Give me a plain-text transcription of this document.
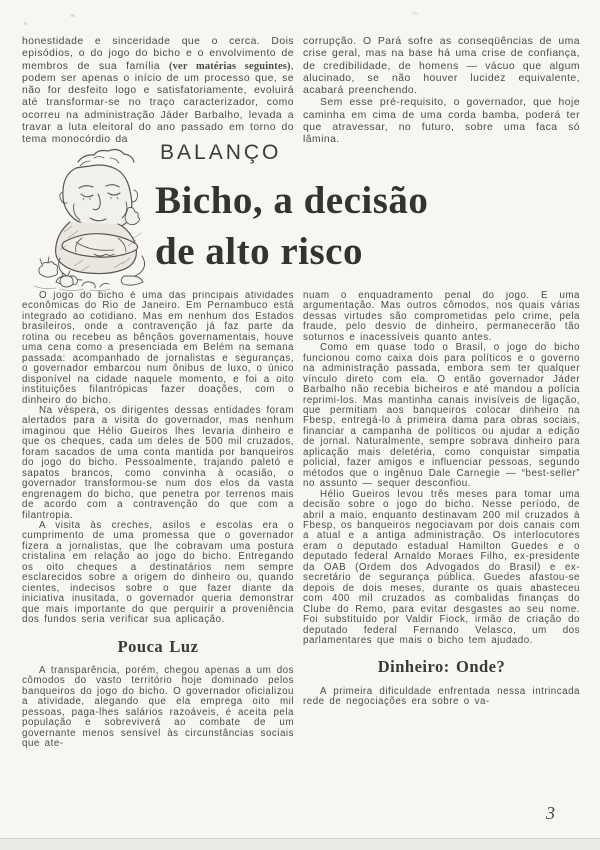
honestidade e sinceridade que o cerca. Dois episódios, o do jogo do bicho e o envolvimento de membros de sua família (ver matérias seguintes), podem ser apenas o início de um processo que, se não for desfeito logo e satisfatoriamente, evoluirá até transformar-se no traço caracterizador, como ocorreu na administração Jáder Barbalho, levada a travar a luta eleitoral do ano passado em torno do tema monocórdio da

corrupção. O Pará sofre as conseqüências de uma crise geral, mas na base há uma crise de confiança, de credibilidade, de homens — vácuo que algum alucinado, se não houver lucidez equivalente, acabará preenchendo.

Sem esse pré-requisito, o governador, que hoje caminha em cima de uma corda bamba, poderá ter que atravessar, no futuro, sobre uma faca só lâmina.

BALANÇO
Bicho, a decisão
de alto risco

O jogo do bicho é uma das principais atividades econômicas do Rio de Janeiro. Em Pernambuco está integrado ao cotidiano. Mas em nenhum dos Estados brasileiros, onde a contravenção já faz parte da rotina ou recebeu as bênçãos governamentais, houve uma cena como a presenciada em Belém na semana passada: acompanhado de jornalistas e seguranças, o governador embarcou num ônibus de luxo, o único disponível na cidade naquele momento, e foi a oito instituições filantrópicas fazer doações, com o dinheiro do bicho.

Na véspera, os dirigentes dessas entidades foram alertados para a visita do governador, mas nenhum imaginou que Hélio Gueiros lhes levaria dinheiro e que os cheques, cada um deles de 500 mil cruzados, foram sacados de uma conta mantida por banqueiros do jogo do bicho. Pessoalmente, trajando paletó e sapatos brancos, como convinha à ocasião, o governador transformou-se num dos elos da vasta engrenagem do bicho, que penetra por terrenos mais de acordo com a contravenção do que com a filantropia.

A visita às creches, asilos e escolas era o cumprimento de uma promessa que o governador fizera a jornalistas, que lhe cobravam uma postura cristalina em relação ao jogo do bicho. Entregando os oito cheques a destinatários nem sempre esclarecidos sobre a origem do dinheiro ou, quando cientes, indecisos sobre o que fazer diante da iniciativa inusitada, o governador queria demonstrar que mais importante do que perquirir a proveniência dos fundos seria verificar sua aplicação.

Pouca Luz

A transparência, porém, chegou apenas a um dos cômodos do vasto território hoje dominado pelos banqueiros do jogo do bicho. O governador oficializou a atividade, alegando que ela emprega oito mil pessoas, paga-lhes salários razoáveis, é aceita pela população e sobreviverá ao combate de um governante menos sensível às circunstâncias sociais que ate-

nuam o enquadramento penal do jogo. É uma argumentação. Mas outros cômodos, nos quais várias dessas virtudes são comprometidas pelo crime, pela fraude, pelo desvio de dinheiro, permanecerão tão soturnos e inacessíveis quanto antes.

Como em quase todo o Brasil, o jogo do bicho funcionou como caixa dois para políticos e o governo na administração passada, embora sem ter qualquer vínculo direto com ela. O então governador Jáder Barbalho não recebia bicheiros e até mandou a polícia reprimi-los. Mas mantinha canais invisíveis de ligação, que permitiam aos banqueiros colocar dinheiro na Fbesp, entregá-lo à primeira dama para obras sociais, financiar a campanha de políticos ou ajudar a edição de jornal. Naturalmente, sempre sobrava dinheiro para aplicação mais deletéria, como conquistar simpatia policial, fazer amigos e influenciar pessoas, segundo métodos que o ingênuo Dale Carnegie — “best-seller” no assunto — sequer desconfiou.

Hélio Gueiros levou três meses para tomar uma decisão sobre o jogo do bicho. Nesse período, de abril a maio, enquanto destinavam 200 mil cruzados à Fbesp, os banqueiros negociavam por dois canais com a atual e a antiga administração. Os interlocutores eram o deputado estadual Hamilton Guedes e o deputado federal Arnaldo Moraes Filho, ex-presidente da OAB (Ordem dos Advogados do Brasil) e ex-secretário de segurança pública. Guedes afastou-se depois de dois meses, durante os quais abasteceu com 400 mil cruzados as combalidas finanças do Clube do Remo, para evitar desgastes ao seu nome. Foi substituído por Valdir Fiock, irmão de criação do deputado federal Fernando Velasco, um dos parlamentares que mais o bicho tem ajudado.

Dinheiro: Onde?

A primeira dificuldade enfrentada nessa intrincada rede de negociações era sobre o va-

3
